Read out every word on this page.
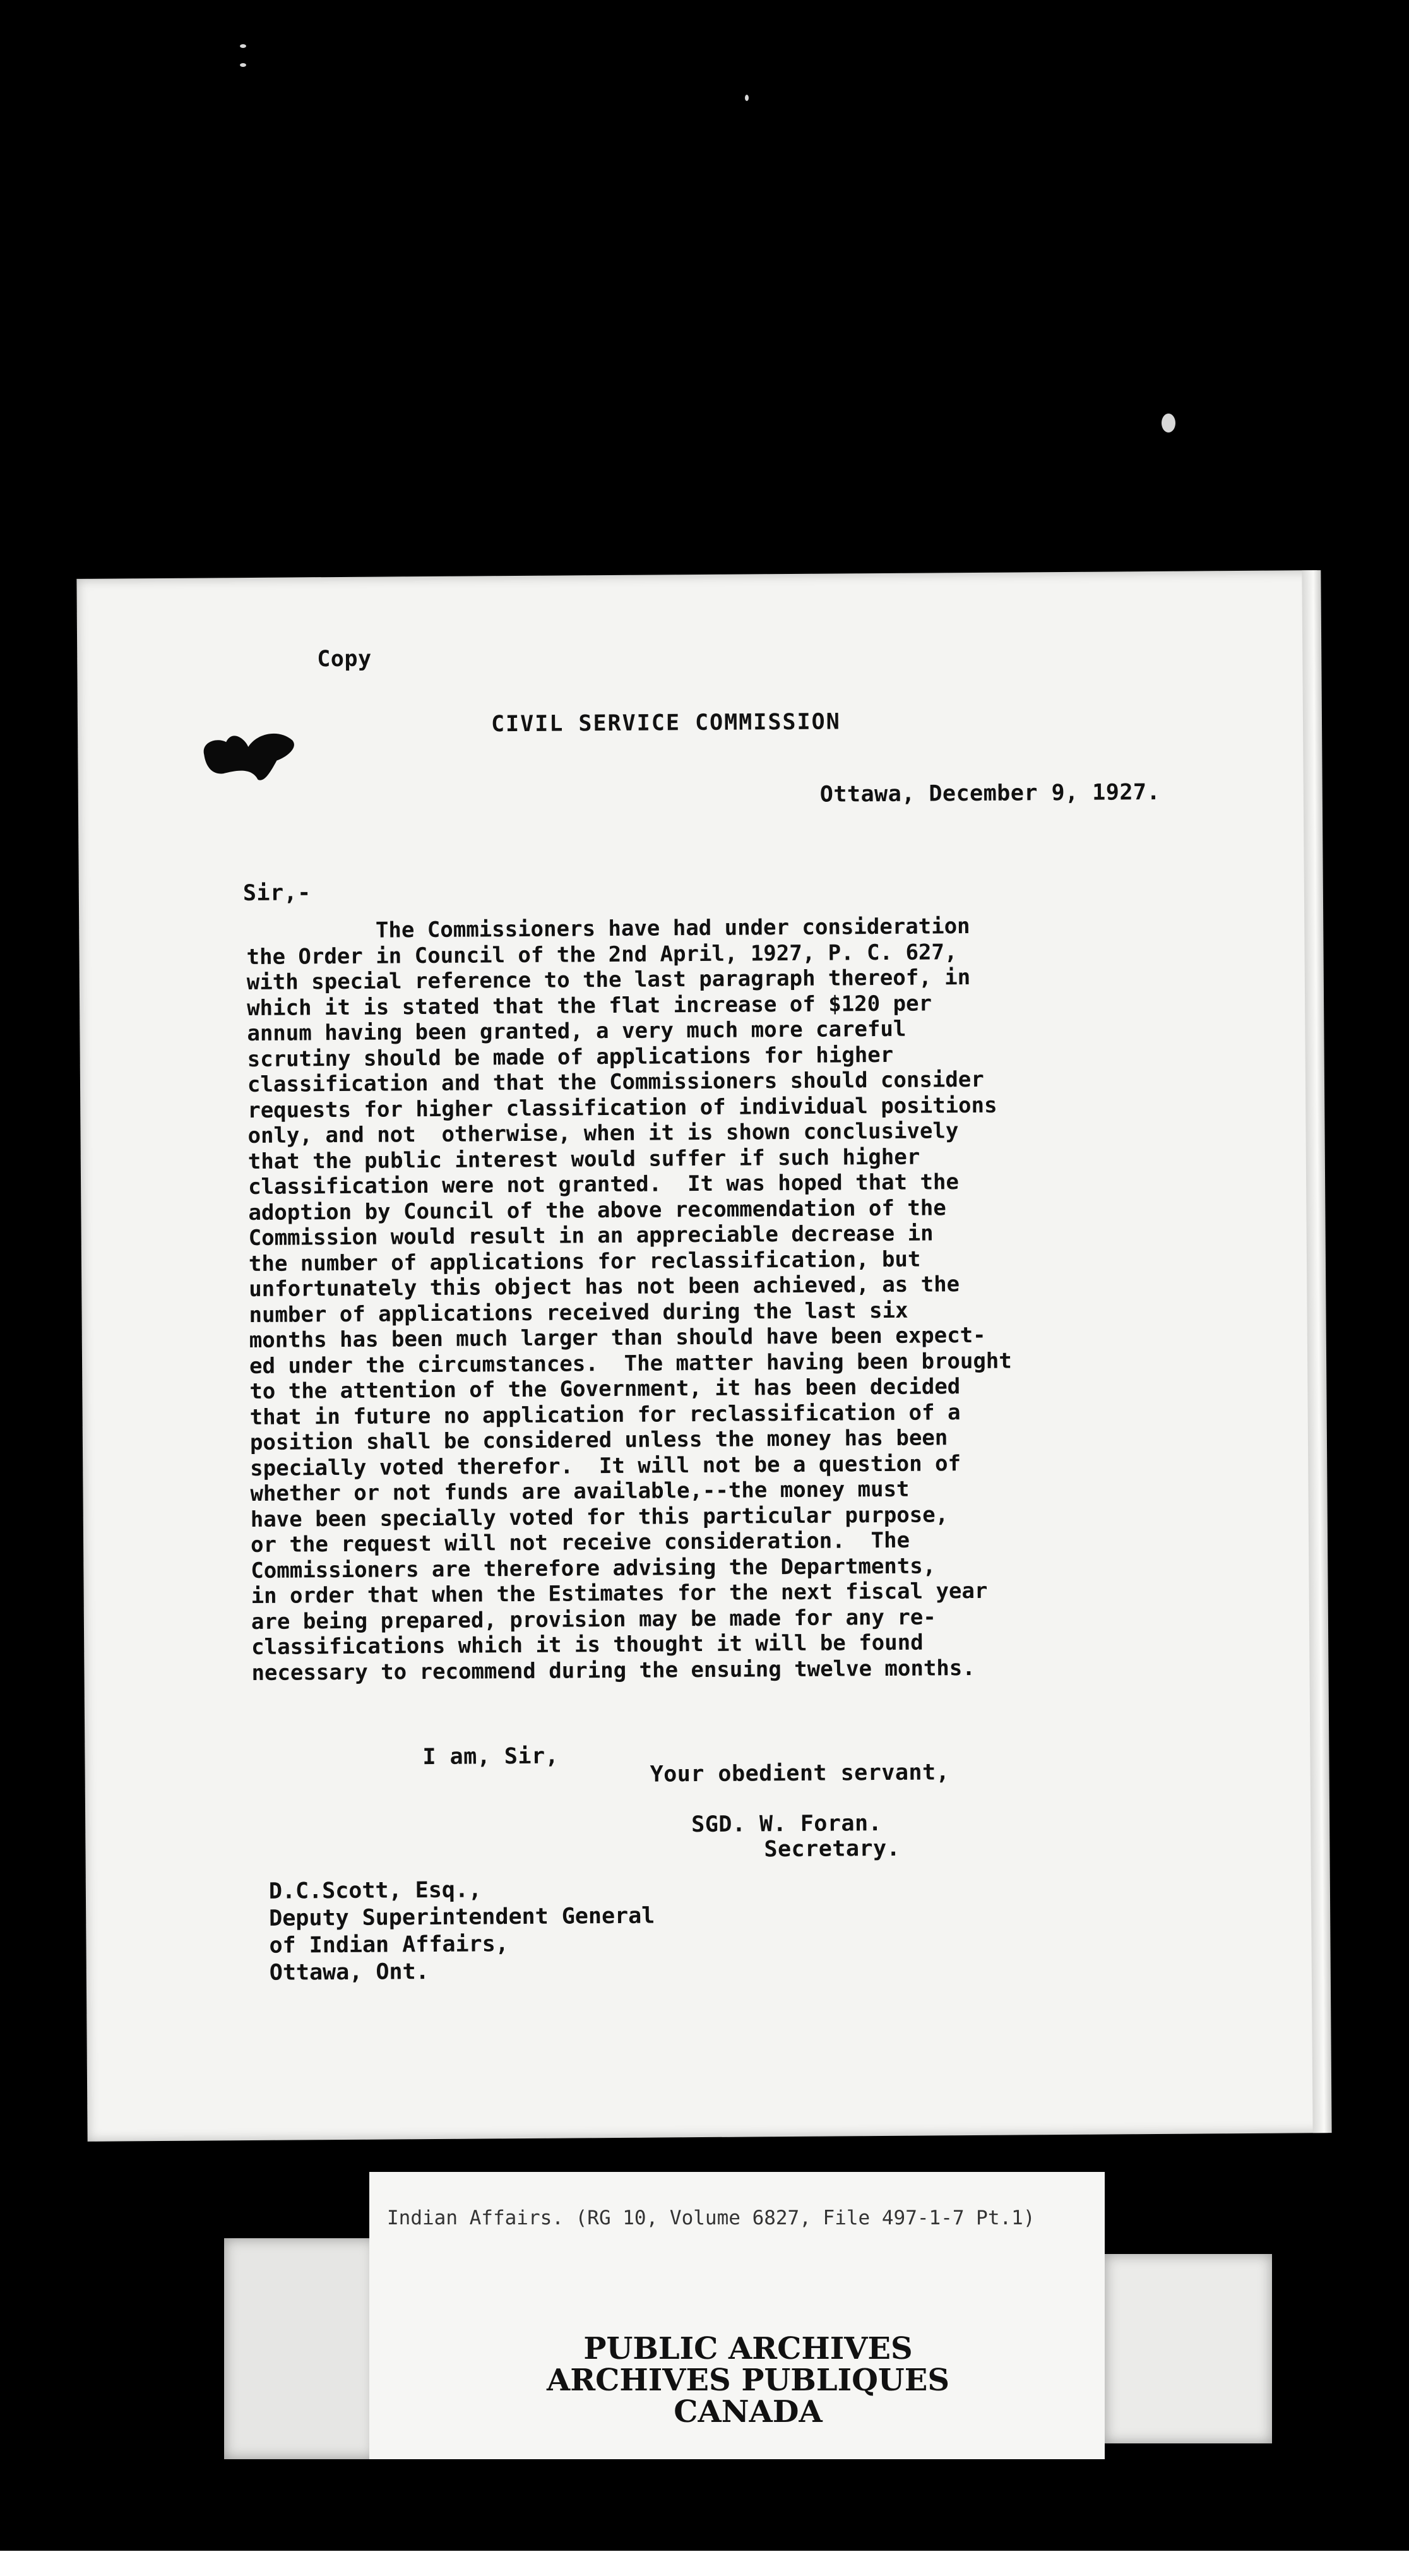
Copy
CIVIL SERVICE COMMISSION
Ottawa, December 9, 1927.
Sir,-
The Commissioners have had under consideration
the Order in Council of the 2nd April, 1927, P. C. 627,
with special reference to the last paragraph thereof, in
which it is stated that the flat increase of $120 per
annum having been granted, a very much more careful
scrutiny should be made of applications for higher
classification and that the Commissioners should consider
requests for higher classification of individual positions
only, and not  otherwise, when it is shown conclusively
that the public interest would suffer if such higher
classification were not granted.  It was hoped that the
adoption by Council of the above recommendation of the
Commission would result in an appreciable decrease in
the number of applications for reclassification, but
unfortunately this object has not been achieved, as the
number of applications received during the last six
months has been much larger than should have been expect-
ed under the circumstances.  The matter having been brought
to the attention of the Government, it has been decided
that in future no application for reclassification of a
position shall be considered unless the money has been
specially voted therefor.  It will not be a question of
whether or not funds are available,--the money must
have been specially voted for this particular purpose,
or the request will not receive consideration.  The
Commissioners are therefore advising the Departments,
in order that when the Estimates for the next fiscal year
are being prepared, provision may be made for any re-
classifications which it is thought it will be found
necessary to recommend during the ensuing twelve months.
I am, Sir,
Your obedient servant,
SGD. W. Foran.
Secretary.
D.C.Scott, Esq.,
Deputy Superintendent General
of Indian Affairs,
Ottawa, Ont.
Indian Affairs. (RG 10, Volume 6827, File 497-1-7 Pt.1)
PUBLIC ARCHIVES
ARCHIVES PUBLIQUES
CANADA
